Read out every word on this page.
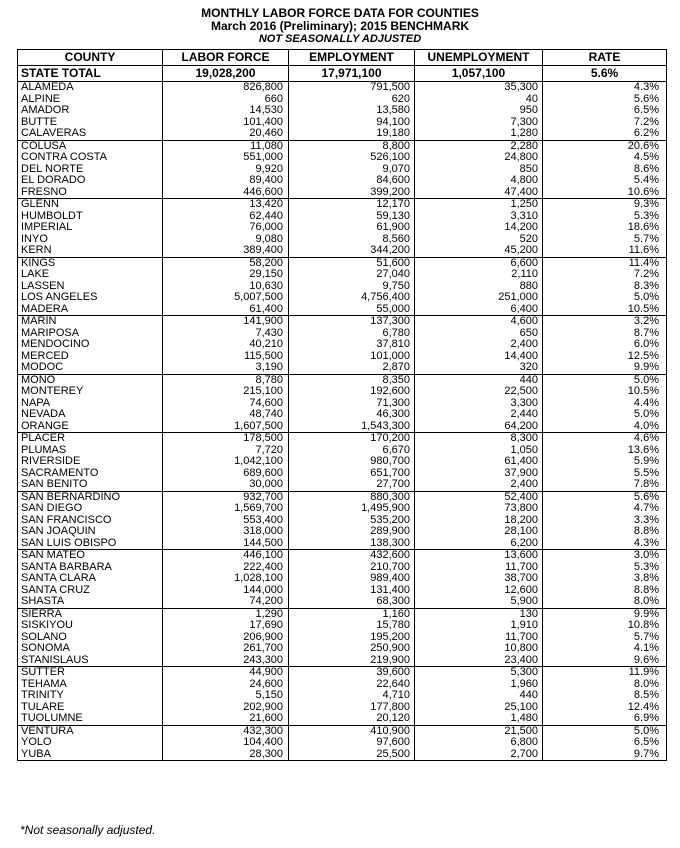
MONTHLY LABOR FORCE DATA FOR COUNTIES
March 2016 (Preliminary); 2015 BENCHMARK
NOT SEASONALLY ADJUSTED
COUNTY	LABOR FORCE	EMPLOYMENT	UNEMPLOYMENT	RATE
STATE TOTAL	19,028,200	17,971,100	1,057,100	5.6%
ALAMEDA	826,800	791,500	35,300	4.3%
ALPINE	660	620	40	5.6%
AMADOR	14,530	13,580	950	6.5%
BUTTE	101,400	94,100	7,300	7.2%
CALAVERAS	20,460	19,180	1,280	6.2%
COLUSA	11,080	8,800	2,280	20.6%
CONTRA COSTA	551,000	526,100	24,800	4.5%
DEL NORTE	9,920	9,070	850	8.6%
EL DORADO	89,400	84,600	4,800	5.4%
FRESNO	446,600	399,200	47,400	10.6%
GLENN	13,420	12,170	1,250	9.3%
HUMBOLDT	62,440	59,130	3,310	5.3%
IMPERIAL	76,000	61,900	14,200	18.6%
INYO	9,080	8,560	520	5.7%
KERN	389,400	344,200	45,200	11.6%
KINGS	58,200	51,600	6,600	11.4%
LAKE	29,150	27,040	2,110	7.2%
LASSEN	10,630	9,750	880	8.3%
LOS ANGELES	5,007,500	4,756,400	251,000	5.0%
MADERA	61,400	55,000	6,400	10.5%
MARIN	141,900	137,300	4,600	3.2%
MARIPOSA	7,430	6,780	650	8.7%
MENDOCINO	40,210	37,810	2,400	6.0%
MERCED	115,500	101,000	14,400	12.5%
MODOC	3,190	2,870	320	9.9%
MONO	8,780	8,350	440	5.0%
MONTEREY	215,100	192,600	22,500	10.5%
NAPA	74,600	71,300	3,300	4.4%
NEVADA	48,740	46,300	2,440	5.0%
ORANGE	1,607,500	1,543,300	64,200	4.0%
PLACER	178,500	170,200	8,300	4.6%
PLUMAS	7,720	6,670	1,050	13.6%
RIVERSIDE	1,042,100	980,700	61,400	5.9%
SACRAMENTO	689,600	651,700	37,900	5.5%
SAN BENITO	30,000	27,700	2,400	7.8%
SAN BERNARDINO	932,700	880,300	52,400	5.6%
SAN DIEGO	1,569,700	1,495,900	73,800	4.7%
SAN FRANCISCO	553,400	535,200	18,200	3.3%
SAN JOAQUIN	318,000	289,900	28,100	8.8%
SAN LUIS OBISPO	144,500	138,300	6,200	4.3%
SAN MATEO	446,100	432,600	13,600	3.0%
SANTA BARBARA	222,400	210,700	11,700	5.3%
SANTA CLARA	1,028,100	989,400	38,700	3.8%
SANTA CRUZ	144,000	131,400	12,600	8.8%
SHASTA	74,200	68,300	5,900	8.0%
SIERRA	1,290	1,160	130	9.9%
SISKIYOU	17,690	15,780	1,910	10.8%
SOLANO	206,900	195,200	11,700	5.7%
SONOMA	261,700	250,900	10,800	4.1%
STANISLAUS	243,300	219,900	23,400	9.6%
SUTTER	44,900	39,600	5,300	11.9%
TEHAMA	24,600	22,640	1,960	8.0%
TRINITY	5,150	4,710	440	8.5%
TULARE	202,900	177,800	25,100	12.4%
TUOLUMNE	21,600	20,120	1,480	6.9%
VENTURA	432,300	410,900	21,500	5.0%
YOLO	104,400	97,600	6,800	6.5%
YUBA	28,300	25,500	2,700	9.7%
*Not seasonally adjusted.
